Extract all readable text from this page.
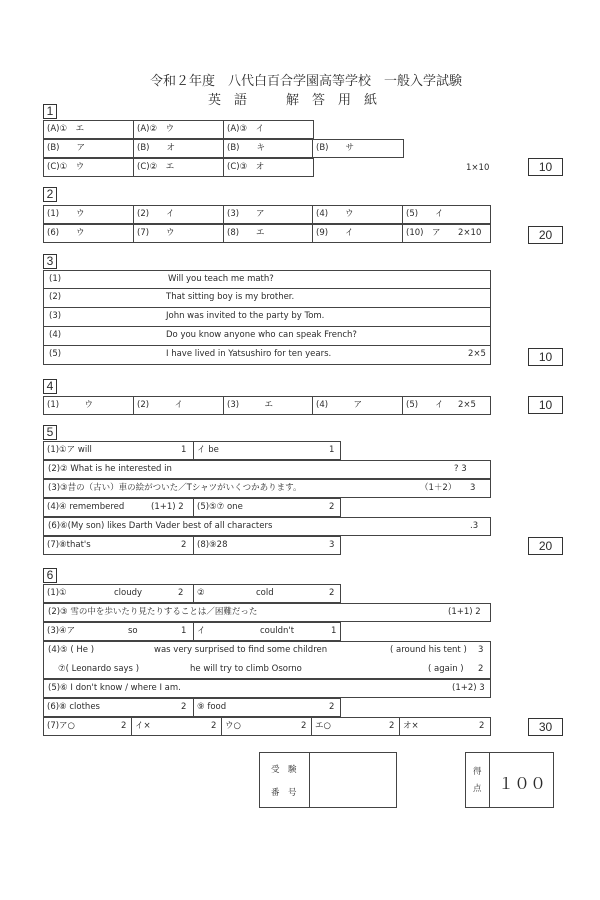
令和２年度　八代白百合学園高等学校　一般入学試験
英　語　　　解　答　用　紙
1
(A)①　エ	(A)②　ウ	(A)③　イ
(B)　　ア	(B)　　オ	(B)　　キ	(B)　　サ
(C)①　ウ	(C)②　エ	(C)③　オ	1×10	10
2
(1)　　ウ	(2)　　イ	(3)　　ア	(4)　　ウ	(5)　　イ
(6)　　ウ	(7)　　ウ	(8)　　エ	(9)　　イ	(10)　ア 2×10	20
3
(1)	Will you teach me math?
(2)	That sitting boy is my brother.
(3)	John was invited to the party by Tom.
(4)	Do you know anyone who can speak French?
(5)	I have lived in Yatsushiro for ten years.	2×5	10
4
(1)　　　ウ	(2)　　　イ	(3)　　　エ	(4)　　　ア	(5)　　イ 2×5	10
5
(1)①ア will	1	イ be	1
(2)② What is he interested in	? 3
(3)③昔の（古い）車の絵がついた／Tシャツがいくつかあります。	（1＋2） 3
(4)④ remembered	(1+1) 2	(5)⑤⑦ one	2
(6)⑥(My son) likes Darth Vader best of all characters	.3
(7)⑧that's	2	(8)⑨28	3	20
6
(1)①	cloudy	2	②	cold	2
(2)③ 雪の中を歩いたり見たりすることは／困難だった	(1+1) 2
(3)④ア	so	1	イ	couldn't	1
(4)⑤ ( He )	was very surprised to find some children	( around his tent ) 3
⑦( Leonardo says )	he will try to climb Osorno	( again ) 2
(5)⑥ I don't know / where I am.	(1+2) 3
(6)⑧ clothes	2	⑨ food	2
(7)ア○	2	イ×	2	ウ○	2	エ○	2	オ×	2	30
受　験
番　号
得
点 １００
